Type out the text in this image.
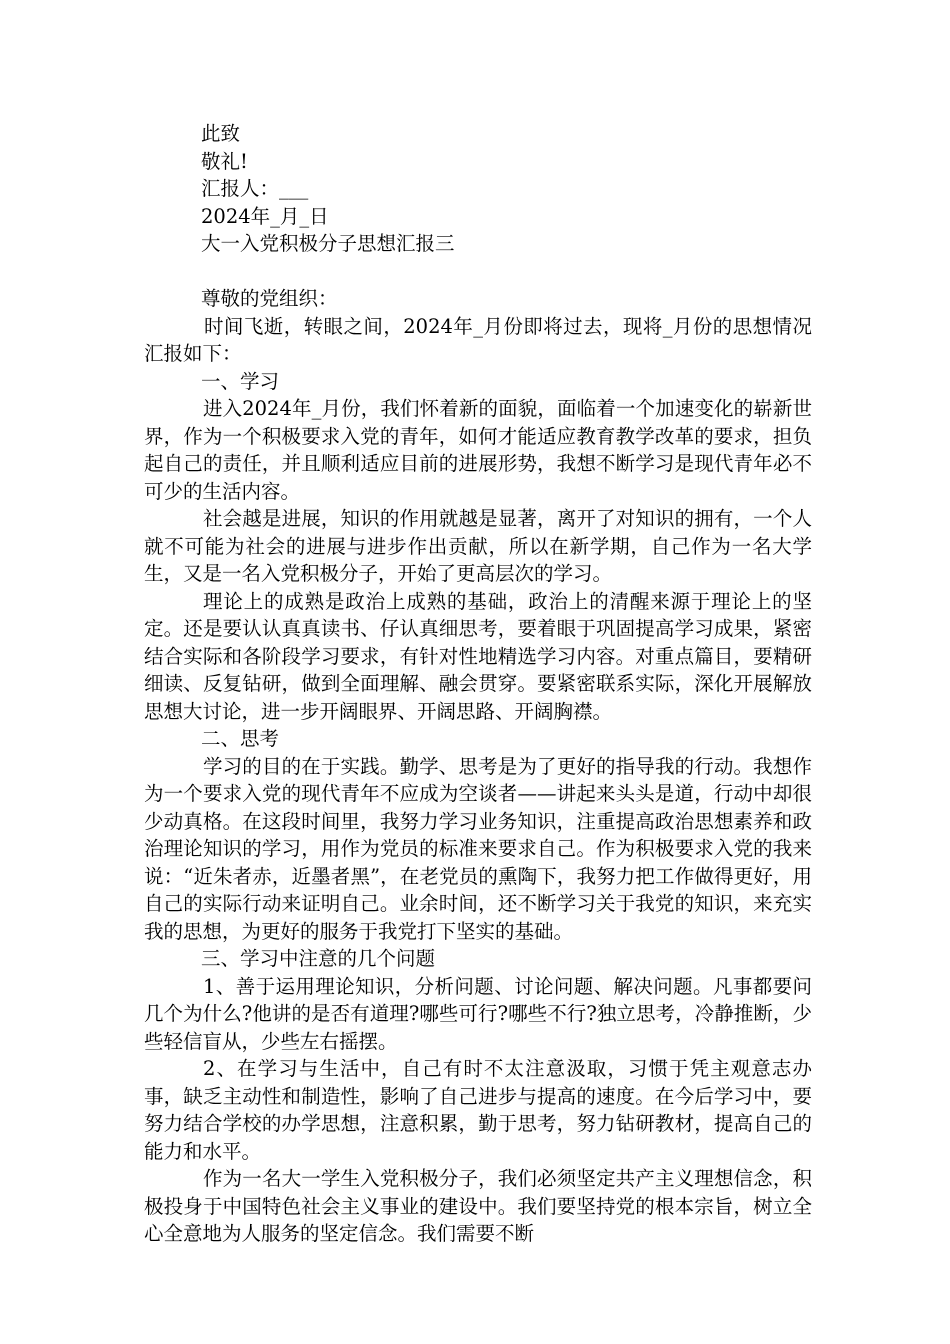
此致

敬礼!

汇报人：___

2024年_月_日

大一入党积极分子思想汇报三

尊敬的党组织：

时间飞逝，转眼之间，2024年_月份即将过去，现将_月份的思想情况汇报如下：

一、学习

进入2024年_月份，我们怀着新的面貌，面临着一个加速变化的崭新世界，作为一个积极要求入党的青年，如何才能适应教育教学改革的要求，担负起自己的责任，并且顺利适应目前的进展形势，我想不断学习是现代青年必不可少的生活内容。

社会越是进展，知识的作用就越是显著，离开了对知识的拥有，一个人就不可能为社会的进展与进步作出贡献，所以在新学期，自己作为一名大学生，又是一名入党积极分子，开始了更高层次的学习。

理论上的成熟是政治上成熟的基础，政治上的清醒来源于理论上的坚定。还是要认认真真读书、仔认真细思考，要着眼于巩固提高学习成果，紧密结合实际和各阶段学习要求，有针对性地精选学习内容。对重点篇目，要精研细读、反复钻研，做到全面理解、融会贯穿。要紧密联系实际，深化开展解放思想大讨论，进一步开阔眼界、开阔思路、开阔胸襟。

二、思考

学习的目的在于实践。勤学、思考是为了更好的指导我的行动。我想作为一个要求入党的现代青年不应成为空谈者——讲起来头头是道，行动中却很少动真格。在这段时间里，我努力学习业务知识，注重提高政治思想素养和政治理论知识的学习，用作为党员的标准来要求自己。作为积极要求入党的我来说：“近朱者赤，近墨者黑”，在老党员的熏陶下，我努力把工作做得更好，用自己的实际行动来证明自己。业余时间，还不断学习关于我党的知识，来充实我的思想，为更好的服务于我党打下坚实的基础。

三、学习中注意的几个问题

1、善于运用理论知识，分析问题、讨论问题、解决问题。凡事都要问几个为什么?他讲的是否有道理?哪些可行?哪些不行?独立思考，冷静推断，少些轻信盲从，少些左右摇摆。

2、在学习与生活中，自己有时不太注意汲取，习惯于凭主观意志办事，缺乏主动性和制造性，影响了自己进步与提高的速度。在今后学习中，要努力结合学校的办学思想，注意积累，勤于思考，努力钻研教材，提高自己的能力和水平。

作为一名大一学生入党积极分子，我们必须坚定共产主义理想信念，积极投身于中国特色社会主义事业的建设中。我们要坚持党的根本宗旨，树立全心全意地为人服务的坚定信念。我们需要不断
